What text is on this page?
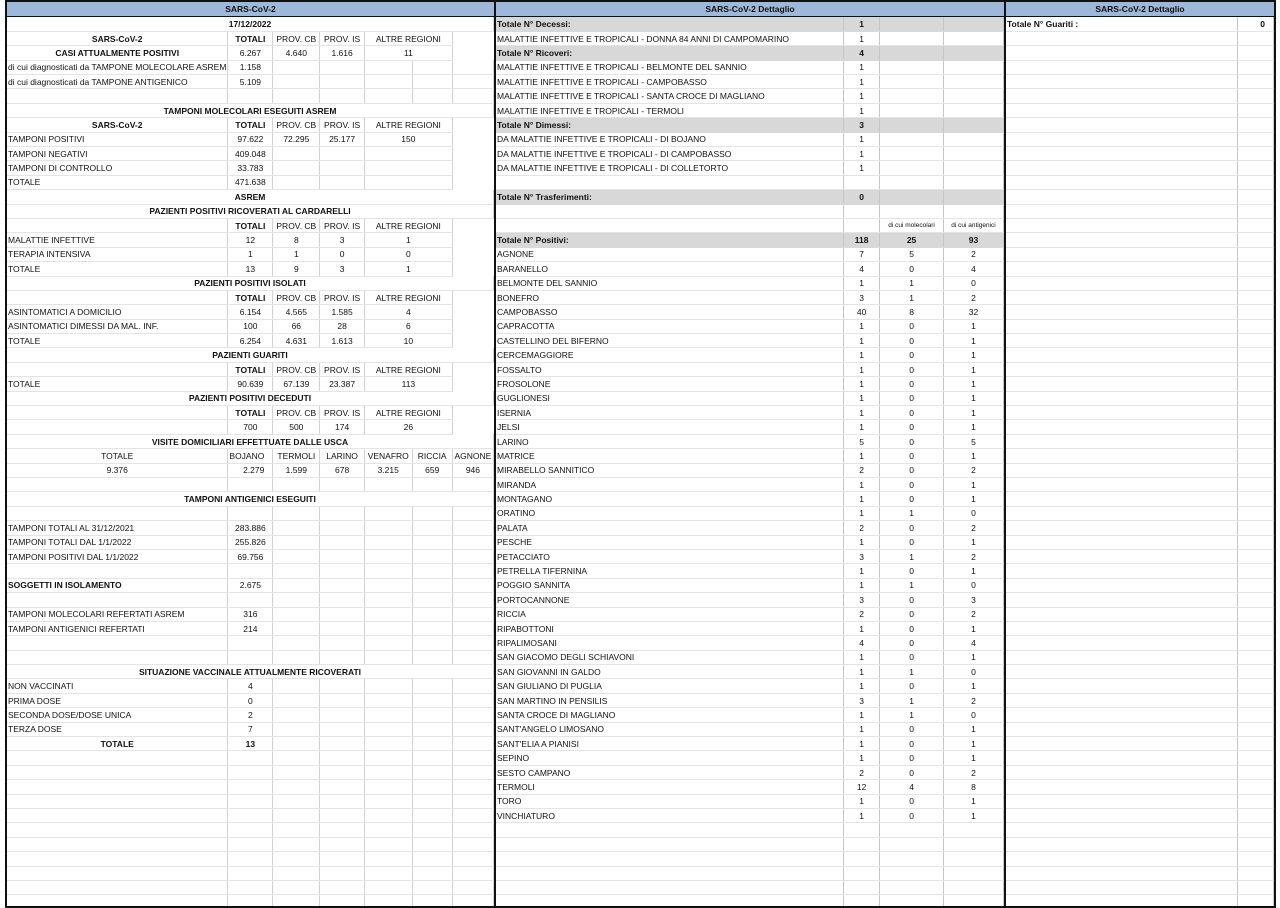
SARS-CoV-2
17/12/2022						
SARS-CoV-2	TOTALI	PROV. CB	PROV. IS	ALTRE REGIONI		
CASI ATTUALMENTE POSITIVI	6.267	4.640	1.616	11		
di cui diagnosticati da TAMPONE MOLECOLARE ASREM	1.158					
di cui diagnosticati da TAMPONE ANTIGENICO	5.109					

TAMPONI MOLECOLARI ESEGUITI ASREM						
SARS-CoV-2	TOTALI	PROV. CB	PROV. IS	ALTRE REGIONI		
TAMPONI POSITIVI	97.622	72.295	25.177	150		
TAMPONI NEGATIVI	409.048					
TAMPONI DI CONTROLLO	33.783					
TOTALE	471.638					
ASREM						
PAZIENTI POSITIVI RICOVERATI AL CARDARELLI						
	TOTALI	PROV. CB	PROV. IS	ALTRE REGIONI		
MALATTIE INFETTIVE	12	8	3	1		
TERAPIA INTENSIVA	1	1	0	0		
TOTALE	13	9	3	1		
PAZIENTI POSITIVI ISOLATI						
	TOTALI	PROV. CB	PROV. IS	ALTRE REGIONI		
ASINTOMATICI A DOMICILIO	6.154	4.565	1.585	4		
ASINTOMATICI DIMESSI DA MAL. INF.	100	66	28	6		
TOTALE	6.254	4.631	1.613	10		
PAZIENTI GUARITI						
	TOTALI	PROV. CB	PROV. IS	ALTRE REGIONI		
TOTALE	90.639	67.139	23.387	113		
PAZIENTI POSITIVI DECEDUTI						
	TOTALI	PROV. CB	PROV. IS	ALTRE REGIONI		
	700	500	174	26		
VISITE DOMICILIARI EFFETTUATE DALLE USCA						
TOTALE	BOJANO	TERMOLI	LARINO	VENAFRO	RICCIA	AGNONE
9.376	2.279	1.599	678	3.215	659	946

TAMPONI ANTIGENICI ESEGUITI						

TAMPONI TOTALI AL 31/12/2021	283.886					
TAMPONI TOTALI DAL 1/1/2022	255.826					
TAMPONI POSITIVI DAL 1/1/2022	69.756					

SOGGETTI IN ISOLAMENTO	2.675					

TAMPONI MOLECOLARI REFERTATI ASREM	316					
TAMPONI ANTIGENICI REFERTATI	214					

SITUAZIONE VACCINALE ATTUALMENTE RICOVERATI						
NON VACCINATI	4					
PRIMA DOSE	0					
SECONDA DOSE/DOSE UNICA	2					
TERZA DOSE	7					
TOTALE	13					

SARS-CoV-2 Dettaglio
Totale N° Decessi:	1		
MALATTIE INFETTIVE E TROPICALI - DONNA 84 ANNI DI CAMPOMARINO	1		
Totale N° Ricoveri:	4		
MALATTIE INFETTIVE E TROPICALI - BELMONTE DEL SANNIO	1		
MALATTIE INFETTIVE E TROPICALI - CAMPOBASSO	1		
MALATTIE INFETTIVE E TROPICALI - SANTA CROCE DI MAGLIANO	1		
MALATTIE INFETTIVE E TROPICALI - TERMOLI	1		
Totale N° Dimessi:	3		
DA MALATTIE INFETTIVE E TROPICALI - DI BOJANO	1		
DA MALATTIE INFETTIVE E TROPICALI - DI CAMPOBASSO	1		
DA MALATTIE INFETTIVE E TROPICALI - DI COLLETORTO	1		

Totale N° Trasferimenti:	0		

		di cui molecolari	di cui antigenici
Totale N° Positivi:	118	25	93
AGNONE	7	5	2
BARANELLO	4	0	4
BELMONTE DEL SANNIO	1	1	0
BONEFRO	3	1	2
CAMPOBASSO	40	8	32
CAPRACOTTA	1	0	1
CASTELLINO DEL BIFERNO	1	0	1
CERCEMAGGIORE	1	0	1
FOSSALTO	1	0	1
FROSOLONE	1	0	1
GUGLIONESI	1	0	1
ISERNIA	1	0	1
JELSI	1	0	1
LARINO	5	0	5
MATRICE	1	0	1
MIRABELLO SANNITICO	2	0	2
MIRANDA	1	0	1
MONTAGANO	1	0	1
ORATINO	1	1	0
PALATA	2	0	2
PESCHE	1	0	1
PETACCIATO	3	1	2
PETRELLA TIFERNINA	1	0	1
POGGIO SANNITA	1	1	0
PORTOCANNONE	3	0	3
RICCIA	2	0	2
RIPABOTTONI	1	0	1
RIPALIMOSANI	4	0	4
SAN GIACOMO DEGLI SCHIAVONI	1	0	1
SAN GIOVANNI IN GALDO	1	1	0
SAN GIULIANO DI PUGLIA	1	0	1
SAN MARTINO IN PENSILIS	3	1	2
SANTA CROCE DI MAGLIANO	1	1	0
SANT'ANGELO LIMOSANO	1	0	1
SANT'ELIA A PIANISI	1	0	1
SEPINO	1	0	1
SESTO CAMPANO	2	0	2
TERMOLI	12	4	8
TORO	1	0	1
VINCHIATURO	1	0	1

SARS-CoV-2 Dettaglio
Totale N° Guariti :	0
